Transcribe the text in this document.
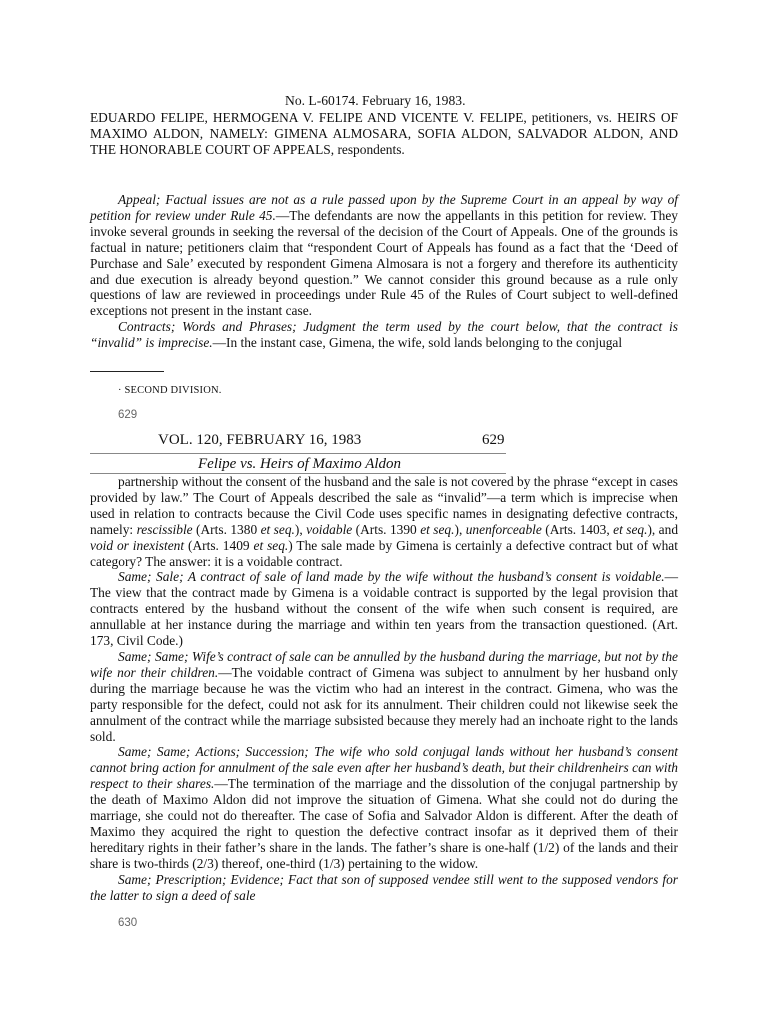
No. L-60174. February 16, 1983.

EDUARDO FELIPE, HERMOGENA V. FELIPE AND VICENTE V. FELIPE, petitioners, vs. HEIRS OF MAXIMO ALDON, NAMELY: GIMENA ALMOSARA, SOFIA ALDON, SALVADOR ALDON, AND THE HONORABLE COURT OF APPEALS, respondents.

Appeal; Factual issues are not as a rule passed upon by the Supreme Court in an appeal by way of petition for review under Rule 45.—The defendants are now the appellants in this petition for review. They invoke several grounds in seeking the reversal of the decision of the Court of Appeals. One of the grounds is factual in nature; petitioners claim that “respondent Court of Appeals has found as a fact that the ‘Deed of Purchase and Sale’ executed by respondent Gimena Almosara is not a forgery and therefore its authenticity and due execution is already beyond question.” We cannot consider this ground because as a rule only questions of law are reviewed in proceedings under Rule 45 of the Rules of Court subject to well-defined exceptions not present in the instant case.

Contracts; Words and Phrases; Judgment the term used by the court below, that the contract is “invalid” is imprecise.—In the instant case, Gimena, the wife, sold lands belonging to the conjugal

· SECOND DIVISION.
629
VOL. 120, FEBRUARY 16, 1983	629
Felipe vs. Heirs of Maximo Aldon

partnership without the consent of the husband and the sale is not covered by the phrase “except in cases provided by law.” The Court of Appeals described the sale as “invalid”—a term which is imprecise when used in relation to contracts because the Civil Code uses specific names in designating defective contracts, namely: rescissible (Arts. 1380 et seq.), voidable (Arts. 1390 et seq.), unenforceable (Arts. 1403, et seq.), and void or inexistent (Arts. 1409 et seq.) The sale made by Gimena is certainly a defective contract but of what category? The answer: it is a voidable contract.

Same; Sale; A contract of sale of land made by the wife without the husband’s consent is voidable.—The view that the contract made by Gimena is a voidable contract is supported by the legal provision that contracts entered by the husband without the consent of the wife when such consent is required, are annullable at her instance during the marriage and within ten years from the transaction questioned. (Art. 173, Civil Code.)

Same; Same; Wife’s contract of sale can be annulled by the husband during the marriage, but not by the wife nor their children.—The voidable contract of Gimena was subject to annulment by her husband only during the marriage because he was the victim who had an interest in the contract. Gimena, who was the party responsible for the defect, could not ask for its annulment. Their children could not likewise seek the annulment of the contract while the marriage subsisted because they merely had an inchoate right to the lands sold.

Same; Same; Actions; Succession; The wife who sold conjugal lands without her husband’s consent cannot bring action for annulment of the sale even after her husband’s death, but their childrenheirs can with respect to their shares.—The termination of the marriage and the dissolution of the conjugal partnership by the death of Maximo Aldon did not improve the situation of Gimena. What she could not do during the marriage, she could not do thereafter. The case of Sofia and Salvador Aldon is different. After the death of Maximo they acquired the right to question the defective contract insofar as it deprived them of their hereditary rights in their father’s share in the lands. The father’s share is one-half (1/2) of the lands and their share is two-thirds (2/3) thereof, one-third (1/3) pertaining to the widow.

Same; Prescription; Evidence; Fact that son of supposed vendee still went to the supposed vendors for the latter to sign a deed of sale

630
